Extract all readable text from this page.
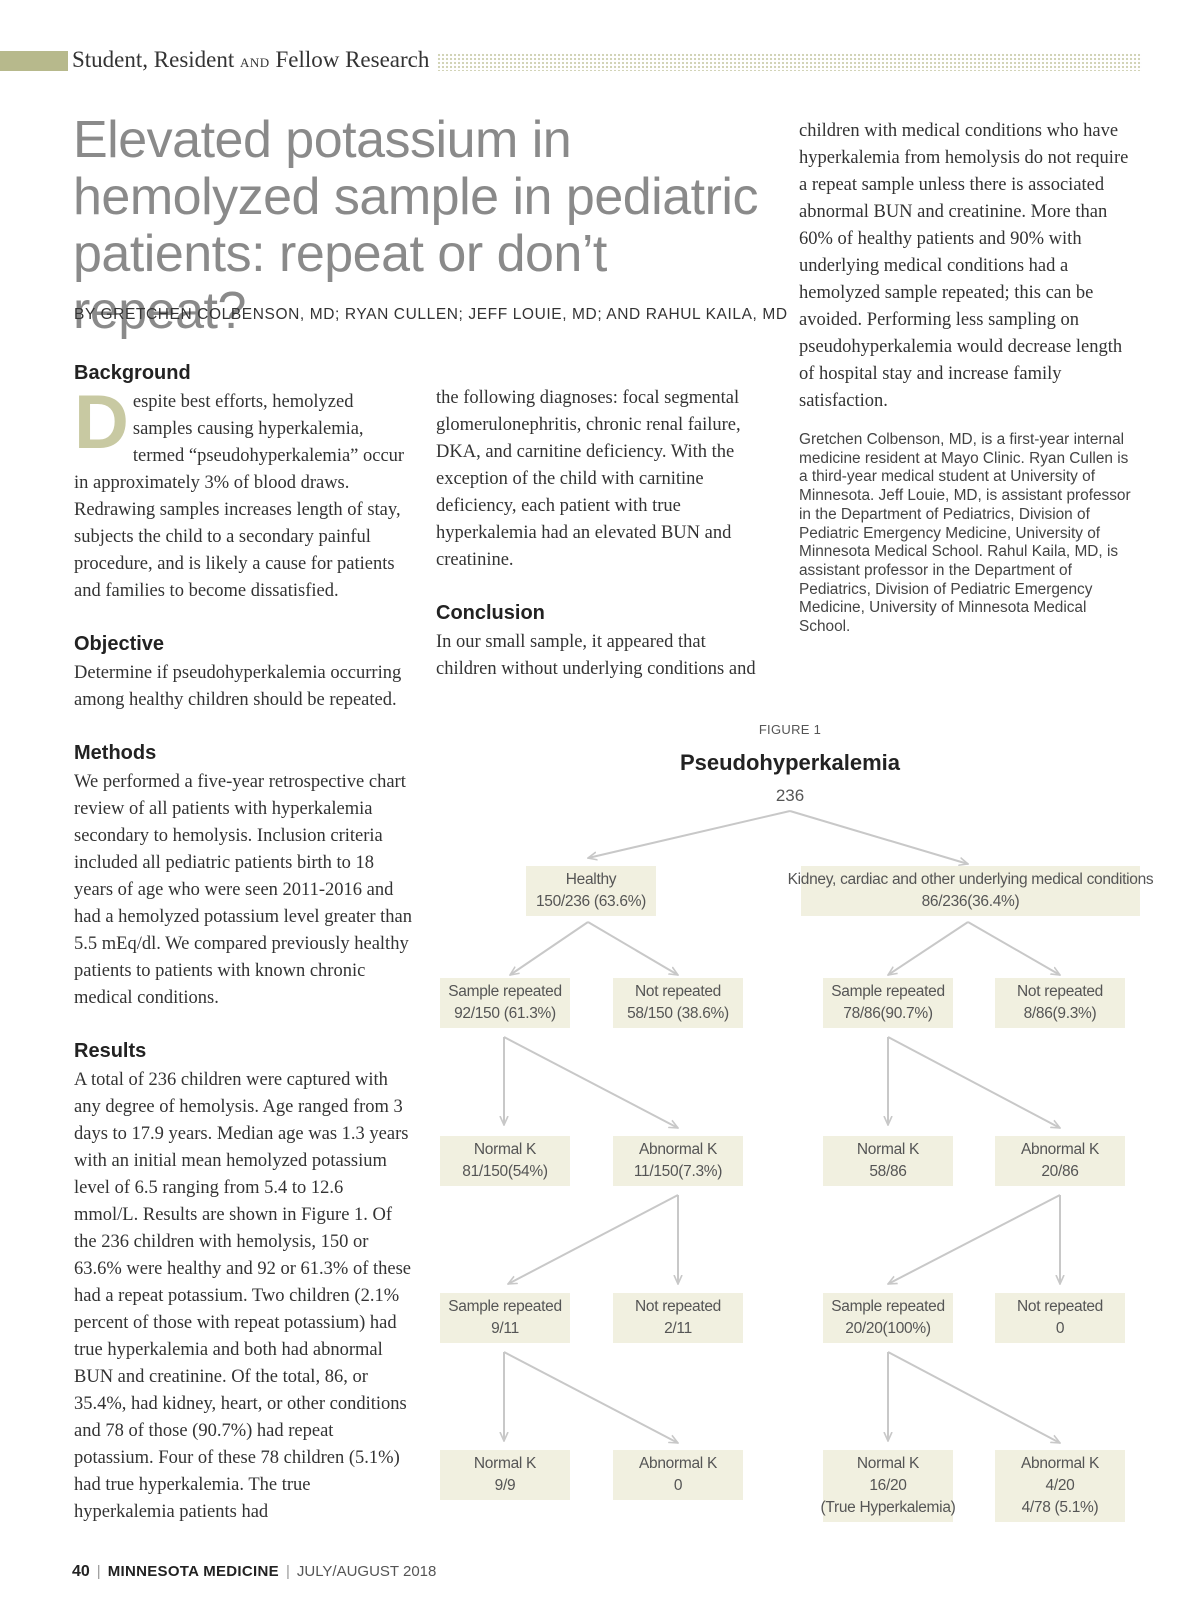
Student, Resident AND Fellow Research
Elevated potassium in hemolyzed sample in pediatric patients: repeat or don’t repeat?
BY GRETCHEN COLBENSON, MD; RYAN CULLEN; JEFF LOUIE, MD; AND RAHUL KAILA, MD
Background

Despite best efforts, hemolyzed samples causing hyperkalemia, termed “pseudohyperkalemia” occur in approximately 3% of blood draws. Redrawing samples increases length of stay, subjects the child to a secondary painful procedure, and is likely a cause for patients and families to become dissatisfied.

Objective

Determine if pseudohyperkalemia occurring among healthy children should be repeated.

Methods

We performed a five-year retrospective chart review of all patients with hyperkalemia secondary to hemolysis. Inclusion criteria included all pediatric patients birth to 18 years of age who were seen 2011-2016 and had a hemolyzed potassium level greater than 5.5 mEq/dl. We compared previously healthy patients to patients with known chronic medical conditions.

Results

A total of 236 children were captured with any degree of hemolysis. Age ranged from 3 days to 17.9 years. Median age was 1.3 years with an initial mean hemolyzed potassium level of 6.5 ranging from 5.4 to 12.6 mmol/L. Results are shown in Figure 1. Of the 236 children with hemolysis, 150 or 63.6% were healthy and 92 or 61.3% of these had a repeat potassium. Two children (2.1% percent of those with repeat potassium) had true hyperkalemia and both had abnormal BUN and creatinine. Of the total, 86, or 35.4%, had kidney, heart, or other conditions and 78 of those (90.7%) had repeat potassium. Four of these 78 children (5.1%) had true hyperkalemia. The true hyperkalemia patients had

the following diagnoses: focal segmental glomerulonephritis, chronic renal failure, DKA, and carnitine deficiency. With the exception of the child with carnitine deficiency, each patient with true hyperkalemia had an elevated BUN and creatinine.

Conclusion

In our small sample, it appeared that children without underlying conditions and

children with medical conditions who have hyperkalemia from hemolysis do not require a repeat sample unless there is associated abnormal BUN and creatinine. More than 60% of healthy patients and 90% with underlying medical conditions had a hemolyzed sample repeated; this can be avoided. Performing less sampling on pseudohyperkalemia would decrease length of hospital stay and increase family satisfaction.

Gretchen Colbenson, MD, is a first-year internal medicine resident at Mayo Clinic. Ryan Cullen is a third-year medical student at University of Minnesota. Jeff Louie, MD, is assistant professor in the Department of Pediatrics, Division of Pediatric Emergency Medicine, University of Minnesota Medical School. Rahul Kaila, MD, is assistant professor in the Department of Pediatrics, Division of Pediatric Emergency Medicine, University of Minnesota Medical School.

FIGURE 1
Pseudohyperkalemia
236
Healthy
150/236 (63.6%)
Kidney, cardiac and other underlying medical conditions
86/236(36.4%)
Sample repeated
92/150 (61.3%)
Not repeated
58/150 (38.6%)
Sample repeated
78/86(90.7%)
Not repeated
8/86(9.3%)
Normal K
81/150(54%)
Abnormal K
11/150(7.3%)
Normal K
58/86
Abnormal K
20/86
Sample repeated
9/11
Not repeated
2/11
Sample repeated
20/20(100%)
Not repeated
0
Normal K
9/9
Abnormal K
0
Normal K
16/20
(True Hyperkalemia)
Abnormal K
4/20
4/78 (5.1%)
40 | MINNESOTA MEDICINE | JULY/AUGUST 2018
